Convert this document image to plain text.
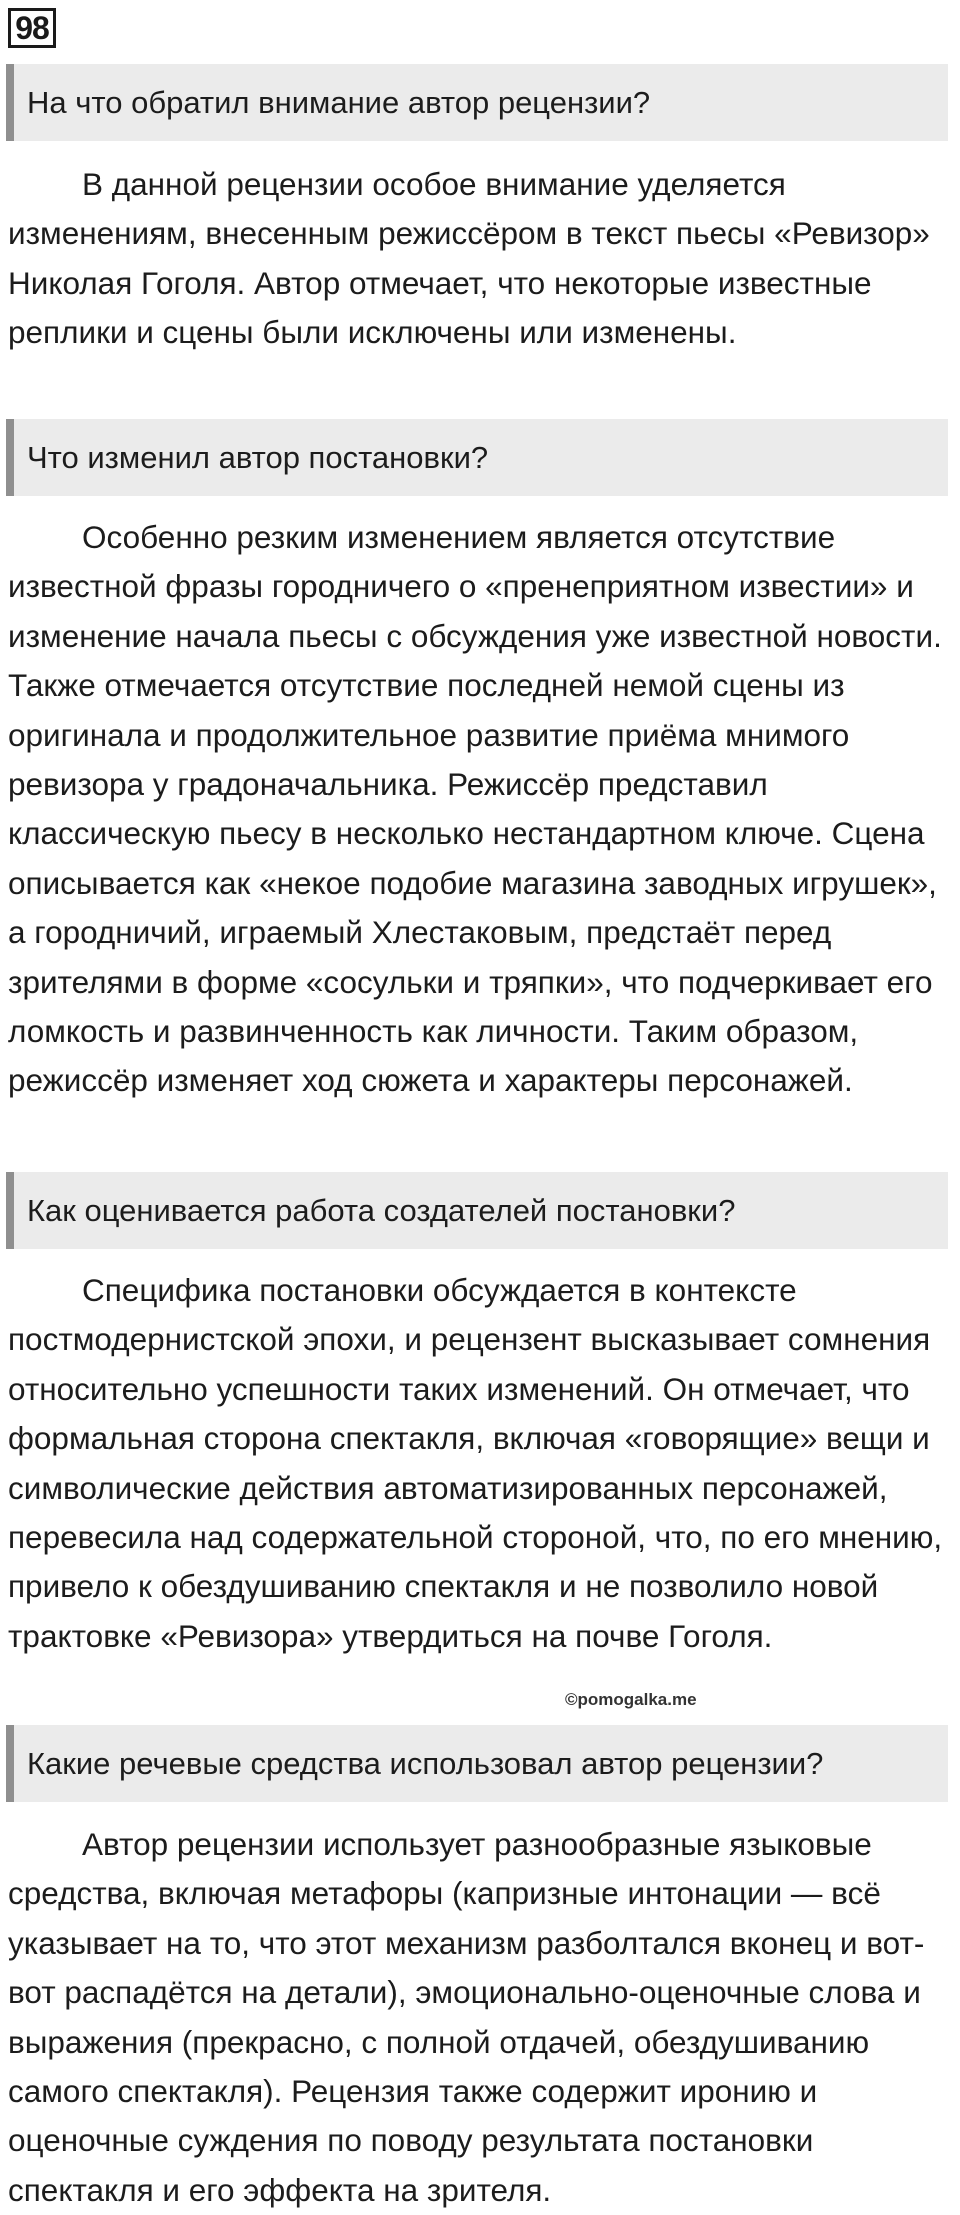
98
На что обратил внимание автор рецензии?

В данной рецензии особое внимание уделяется изменениям, внесенным режиссёром в текст пьесы «Ревизор» Николая Гоголя. Автор отмечает, что некоторые известные реплики и сцены были исключены или изменены.

Что изменил автор постановки?

Особенно резким изменением является отсутствие известной фразы городничего о «пренеприятном известии» и изменение начала пьесы с обсуждения уже известной новости. Также отмечается отсутствие последней немой сцены из оригинала и продолжительное развитие приёма мнимого ревизора у градоначальника. Режиссёр представил классическую пьесу в несколько нестандартном ключе. Сцена описывается как «некое подобие магазина заводных игрушек», а городничий, играемый Хлестаковым, предстаёт перед зрителями в форме «сосульки и тряпки», что подчеркивает его ломкость и развинченность как личности. Таким образом, режиссёр изменяет ход сюжета и характеры персонажей.

Как оценивается работа создателей постановки?

Специфика постановки обсуждается в контексте постмодернистской эпохи, и рецензент высказывает сомнения относительно успешности таких изменений. Он отмечает, что формальная сторона спектакля, включая «говорящие» вещи и символические действия автоматизированных персонажей, перевесила над содержательной стороной, что, по его мнению, привело к обездушиванию спектакля и не позволило новой трактовке «Ревизора» утвердиться на почве Гоголя.

©pomogalka.me
Какие речевые средства использовал автор рецензии?

Автор рецензии использует разнообразные языковые средства, включая метафоры (капризные интонации — всё указывает на то, что этот механизм разболтался вконец и вот-вот распадётся на детали), эмоционально-оценочные слова и выражения (прекрасно, с полной отдачей, обездушиванию самого спектакля). Рецензия также содержит иронию и оценочные суждения по поводу результата постановки спектакля и его эффекта на зрителя.
